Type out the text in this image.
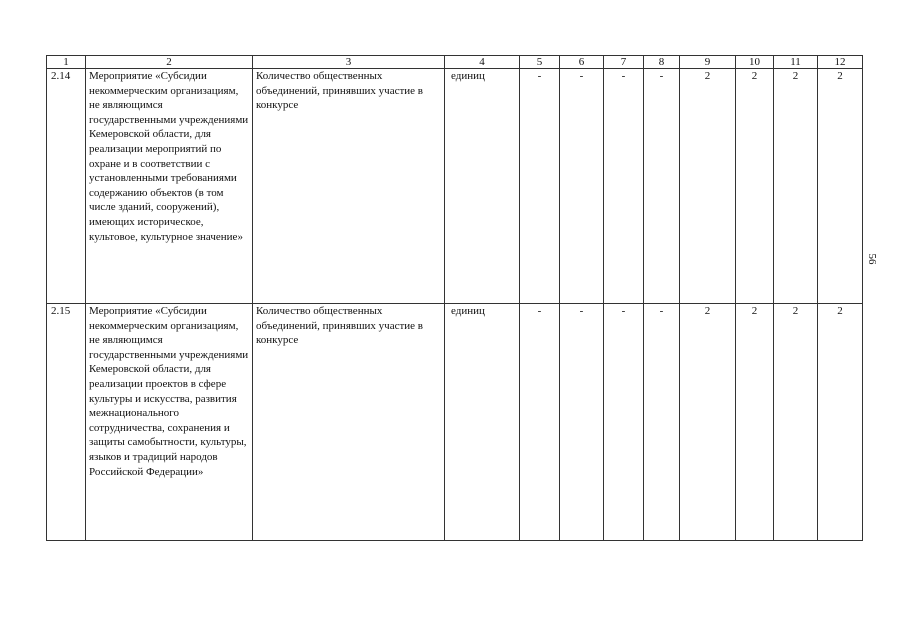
1	2	3	4	5	6	7	8	9	10	11	12
2.14	Мероприятие «Субсидии некоммерческим организациям, не являющимся государственными учреждениями Кемеровской области, для реализации мероприятий по охране и в соответствии с установленными требованиями содержанию объектов (в том числе зданий, сооружений), имеющих историческое, культовое, культурное значение»	Количество общественных объединений, принявших участие в конкурсе	единиц	-	-	-	-	2	2	2	2
2.15	Мероприятие «Субсидии некоммерческим организациям, не являющимся государственными учреждениями Кемеровской области, для реализации проектов в сфере культуры и искусства, развития межнационального сотрудничества, сохранения и защиты самобытности, культуры, языков и традиций народов Российской Федерации»	Количество общественных объединений, принявших участие в конкурсе	единиц	-	-	-	-	2	2	2	2
56
